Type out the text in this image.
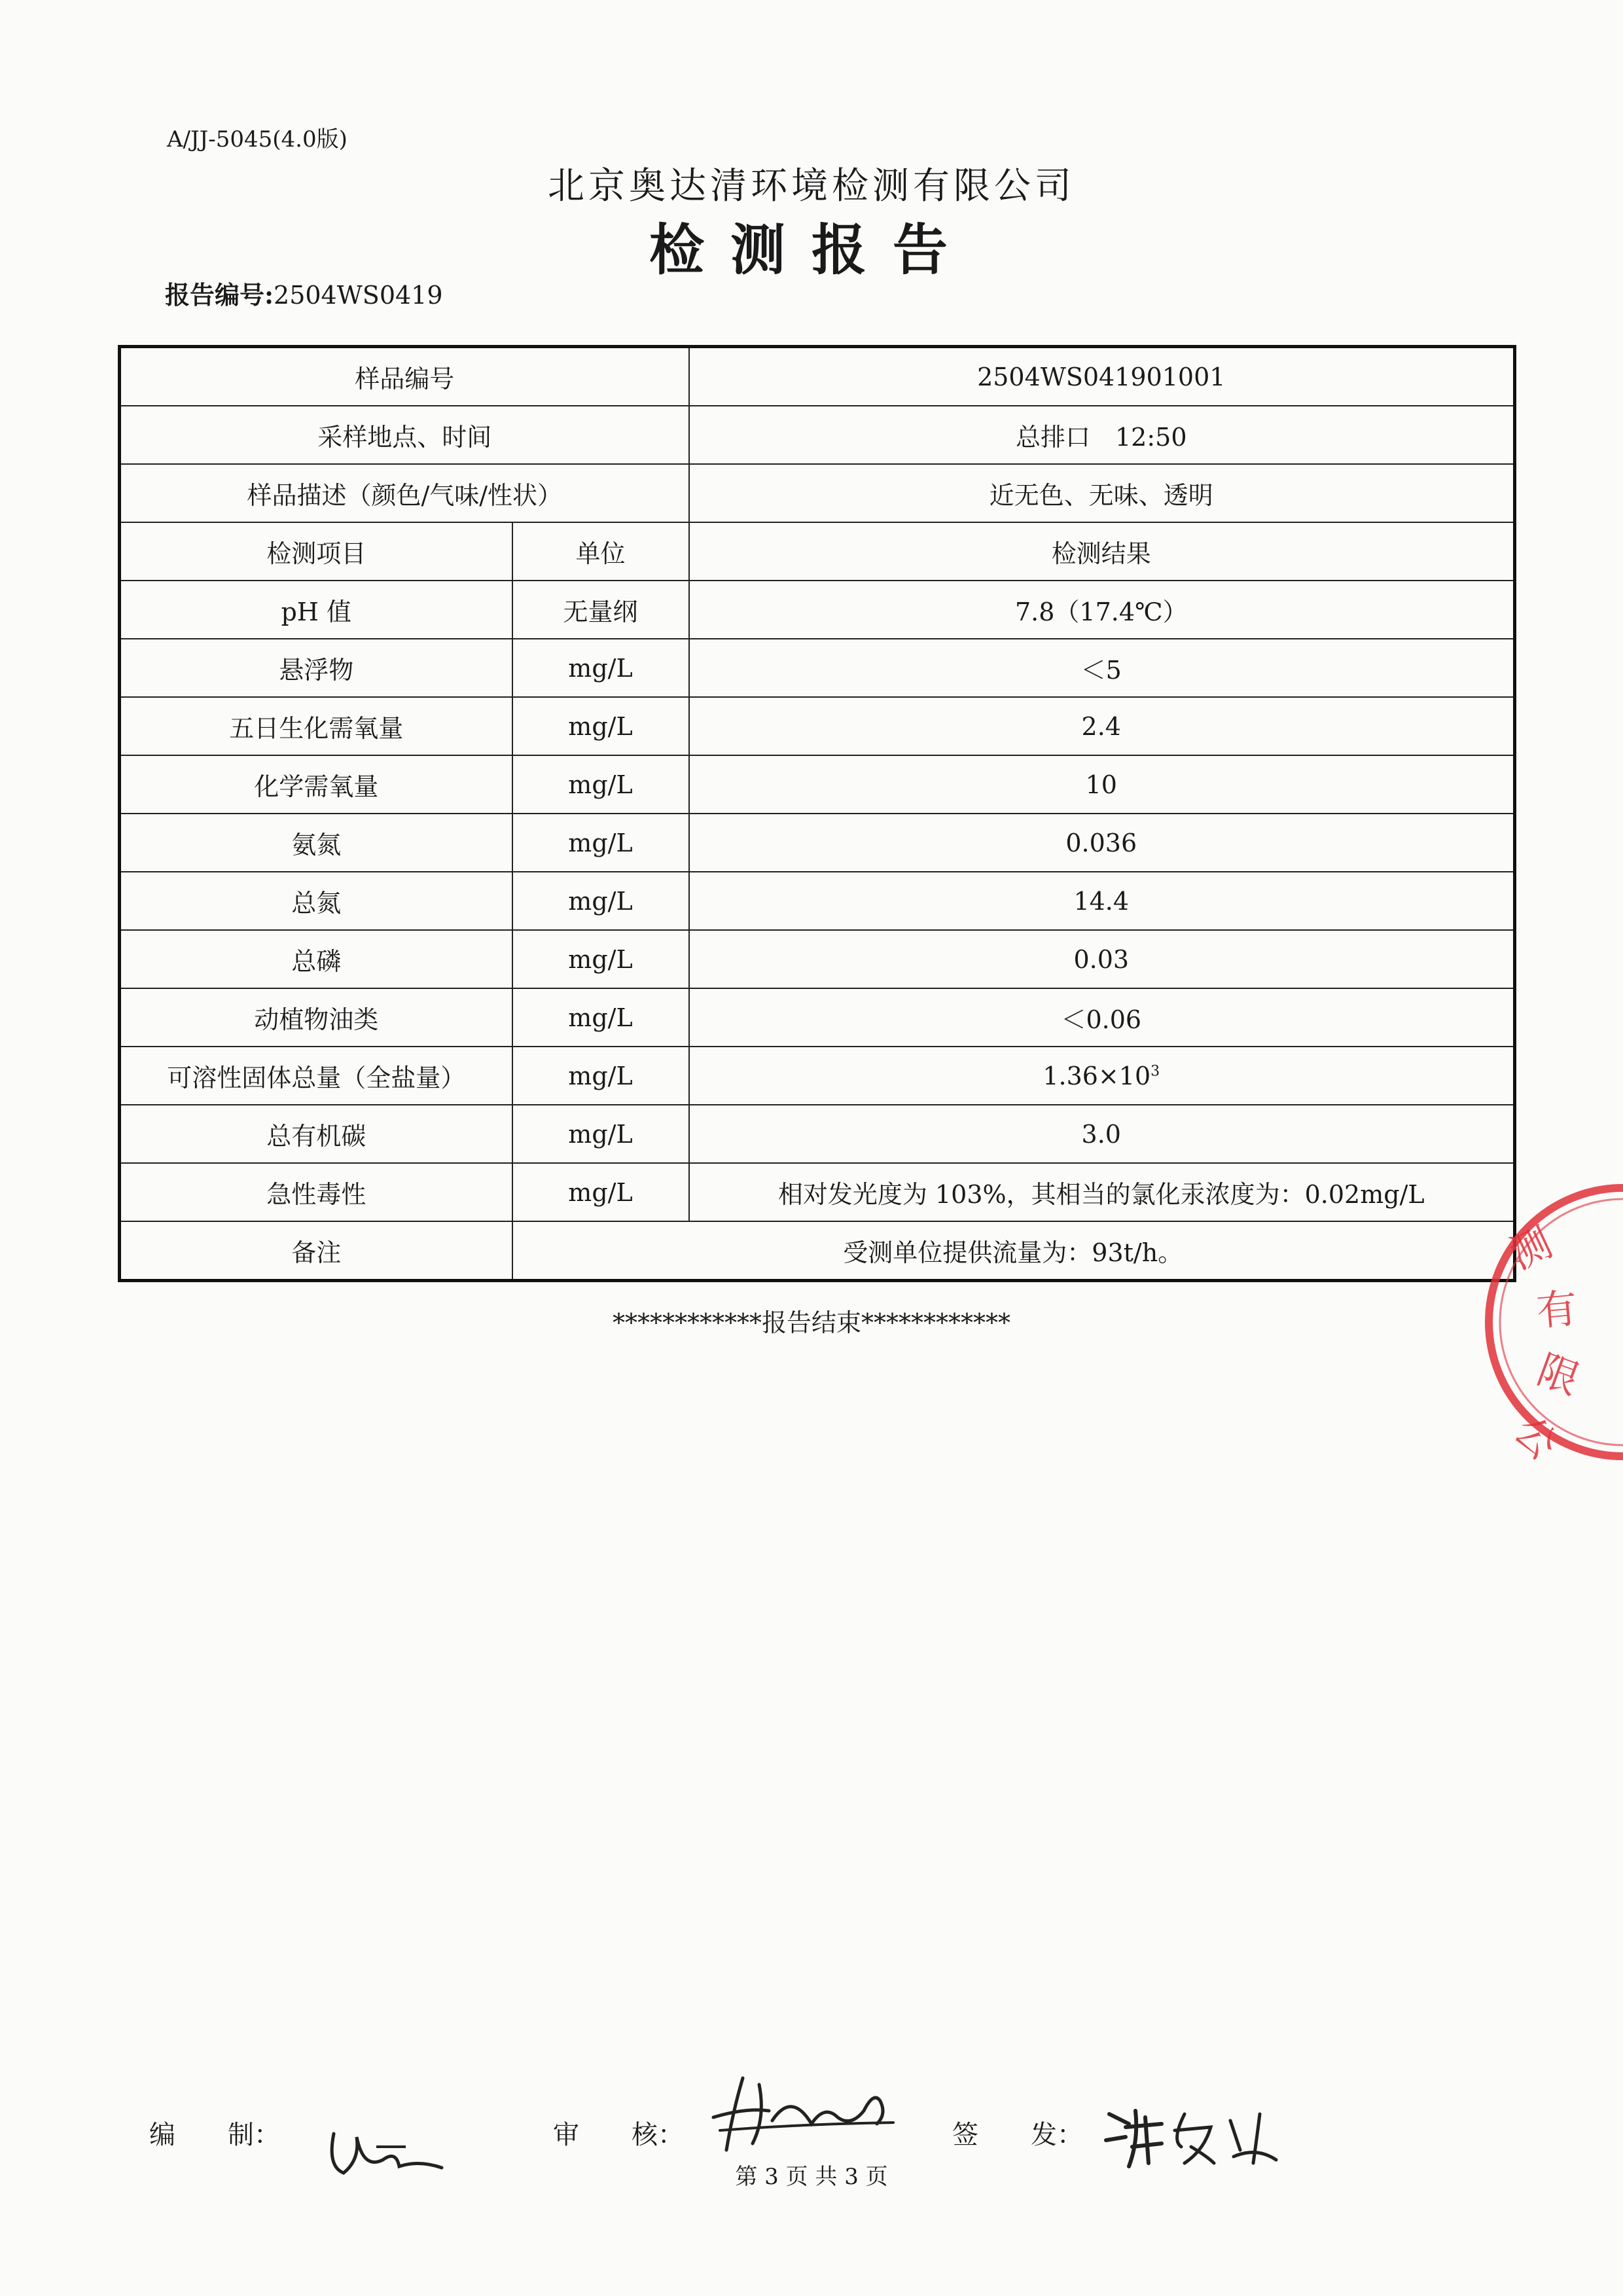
A/JJ-5045(4.0版)
北京奥达清环境检测有限公司
检测报告
报告编号:2504WS0419
样品编号		2504WS041901001
采样地点、时间		总排口　12:50
样品描述（颜色/气味/性状）		近无色、无味、透明
检测项目	单位	检测结果
pH 值	无量纲	7.8（17.4℃）
悬浮物	mg/L	＜5
五日生化需氧量	mg/L	2.4
化学需氧量	mg/L	10
氨氮	mg/L	0.036
总氮	mg/L	14.4
总磷	mg/L	0.03
动植物油类	mg/L	＜0.06
可溶性固体总量（全盐量）	mg/L	$1.36\times 10^3$
总有机碳	mg/L	3.0
急性毒性	mg/L	相对发光度为 103%，其相当的氯化汞浓度为：0.02mg/L
备注	受测单位提供流量为：93t/h。	
************报告结束************
测
有
限
公
编　　制：	审　　核：	签　　发：
第 3 页 共 3 页
